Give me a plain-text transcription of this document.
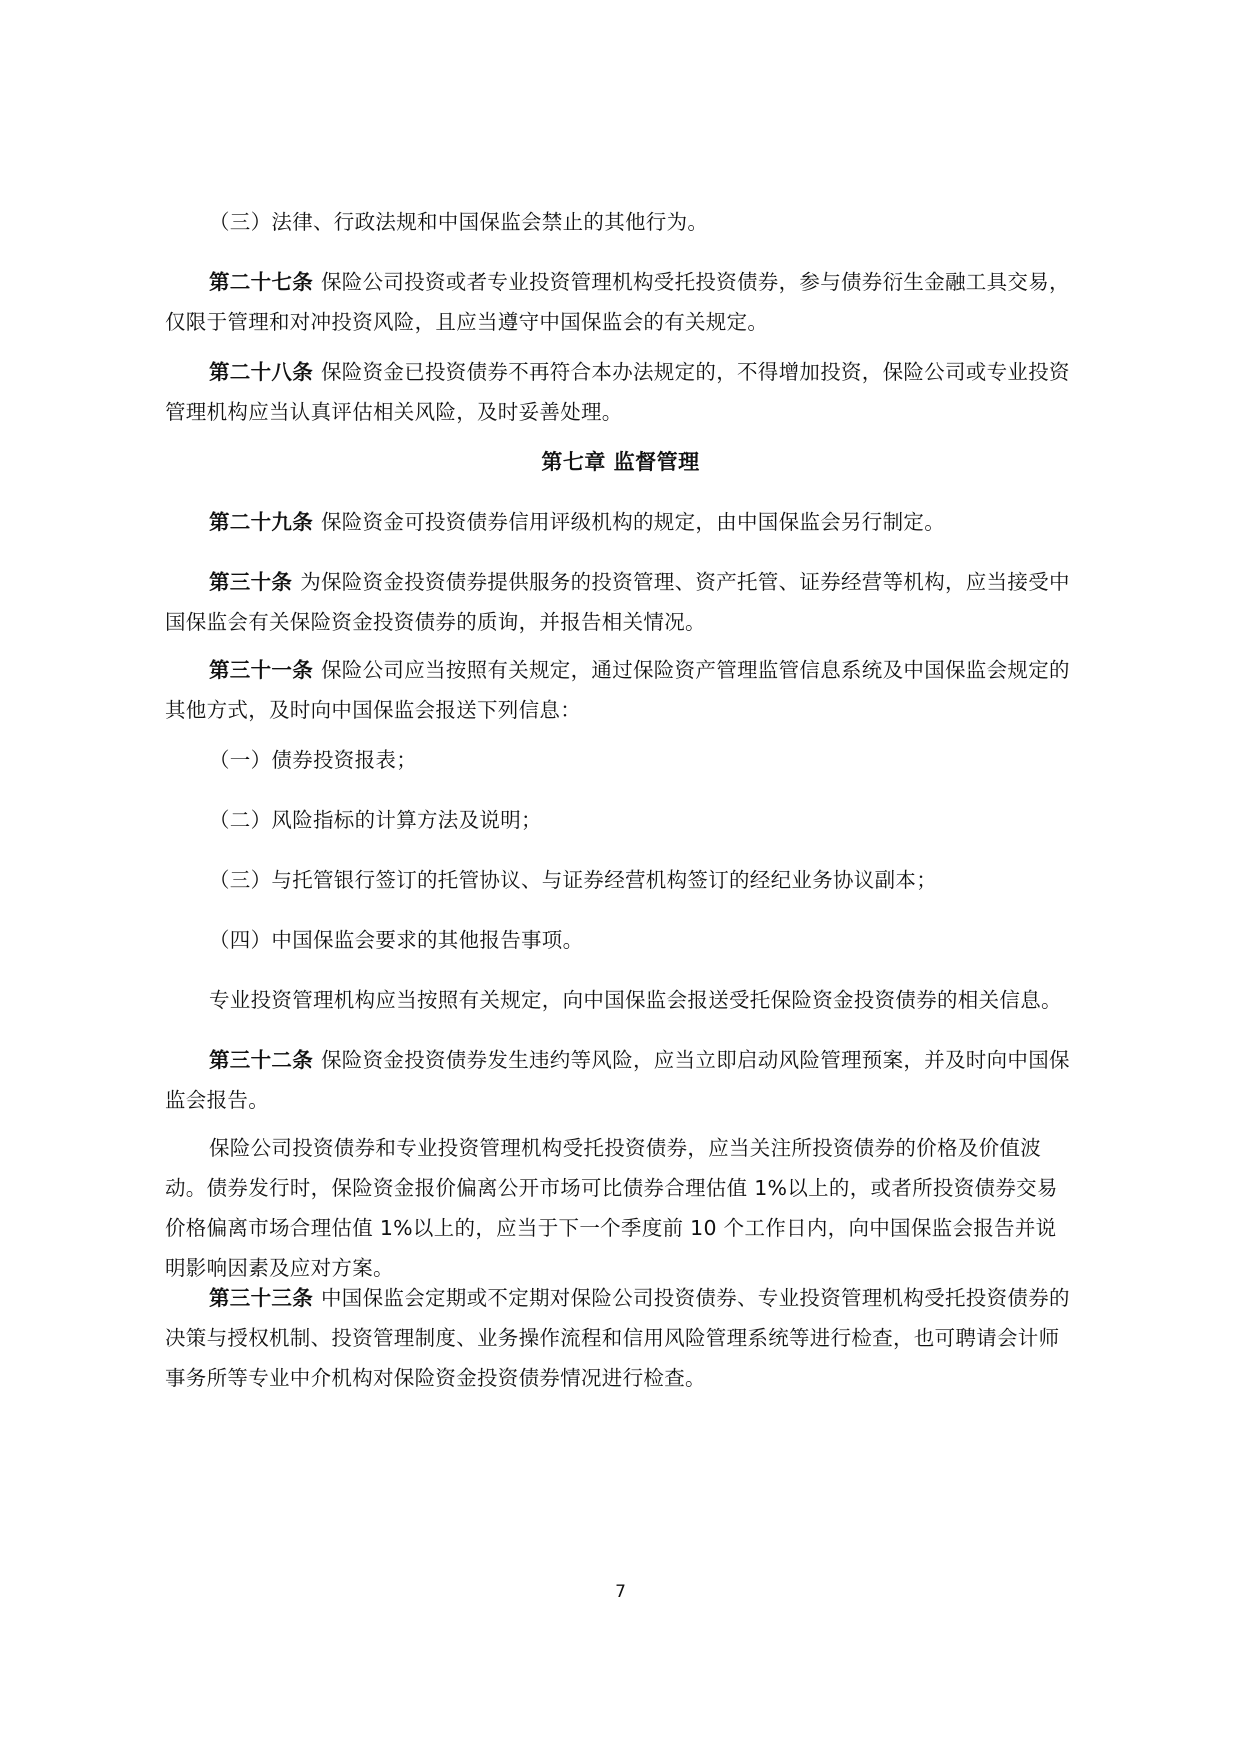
（三）法律、行政法规和中国保监会禁止的其他行为。

第二十七条 保险公司投资或者专业投资管理机构受托投资债券，参与债券衍生金融工具交易，仅限于管理和对冲投资风险，且应当遵守中国保监会的有关规定。

第二十八条 保险资金已投资债券不再符合本办法规定的，不得增加投资，保险公司或专业投资管理机构应当认真评估相关风险，及时妥善处理。

第七章 监督管理

第二十九条 保险资金可投资债券信用评级机构的规定，由中国保监会另行制定。

第三十条 为保险资金投资债券提供服务的投资管理、资产托管、证券经营等机构，应当接受中国保监会有关保险资金投资债券的质询，并报告相关情况。

第三十一条 保险公司应当按照有关规定，通过保险资产管理监管信息系统及中国保监会规定的其他方式，及时向中国保监会报送下列信息：

（一）债券投资报表；

（二）风险指标的计算方法及说明；

（三）与托管银行签订的托管协议、与证券经营机构签订的经纪业务协议副本；

（四）中国保监会要求的其他报告事项。

专业投资管理机构应当按照有关规定，向中国保监会报送受托保险资金投资债券的相关信息。

第三十二条 保险资金投资债券发生违约等风险，应当立即启动风险管理预案，并及时向中国保监会报告。

保险公司投资债券和专业投资管理机构受托投资债券，应当关注所投资债券的价格及价值波动。债券发行时，保险资金报价偏离公开市场可比债券合理估值 1%以上的，或者所投资债券交易价格偏离市场合理估值 1%以上的，应当于下一个季度前 10 个工作日内，向中国保监会报告并说明影响因素及应对方案。

第三十三条 中国保监会定期或不定期对保险公司投资债券、专业投资管理机构受托投资债券的决策与授权机制、投资管理制度、业务操作流程和信用风险管理系统等进行检查，也可聘请会计师事务所等专业中介机构对保险资金投资债券情况进行检查。

7
